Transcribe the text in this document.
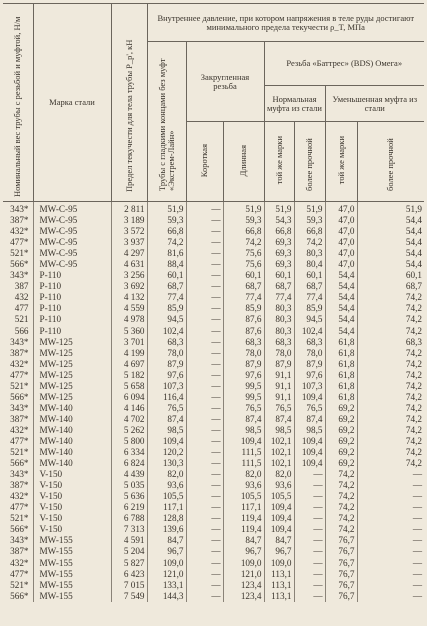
Номинальный вес трубы с резьбой и муфтой, Н/м	Марка стали	Предел текучести для тела трубы P_p', кН	Внутреннее давление, при котором напряжения в теле руды достигают минимального предела текучести ρ_T, МПа						
			Трубы с гладкими концами без муфт «Экстрем-Лайн»	Закругленная резьба		Резьба «Баттрес» (BDS) Омега»			
						Нормальная муфта из стали		Уменьшенная муфта из стали	
				Короткая	Длинная	той же марки	более прочной	той же марки	более прочной
343*	MW-C-95	2 811	51,9	—	51,9	51,9	51,9	47,0	51,9
387*	MW-C-95	3 189	59,3	—	59,3	54,3	59,3	47,0	54,4
432*	MW-C-95	3 572	66,8	—	66,8	66,8	66,8	47,0	54,4
477*	MW-C-95	3 937	74,2	—	74,2	69,3	74,2	47,0	54,4
521*	MW-C-95	4 297	81,6	—	75,6	69,3	80,3	47,0	54,4
566*	MW-C-95	4 631	88,4	—	75,6	69,3	80,4	47,0	54,4
343*	P-110	3 256	60,1	—	60,1	60,1	60,1	54,4	60,1
387	P-110	3 692	68,7	—	68,7	68,7	68,7	54,4	68,7
432	P-110	4 132	77,4	—	77,4	77,4	77,4	54,4	74,2
477	P-110	4 559	85,9	—	85,9	80,3	85,9	54,4	74,2
521	P-110	4 978	94,5	—	87,6	80,3	94,5	54,4	74,2
566	P-110	5 360	102,4	—	87,6	80,3	102,4	54,4	74,2
343*	MW-125	3 701	68,3	—	68,3	68,3	68,3	61,8	68,3
387*	MW-125	4 199	78,0	—	78,0	78,0	78,0	61,8	74,2
432*	MW-125	4 697	87,9	—	87,9	87,9	87,9	61,8	74,2
477*	MW-125	5 182	97,6	—	97,6	91,1	97,6	61,8	74,2
521*	MW-125	5 658	107,3	—	99,5	91,1	107,3	61,8	74,2
566*	MW-125	6 094	116,4	—	99,5	91,1	109,4	61,8	74,2
343*	MW-140	4 146	76,5	—	76,5	76,5	76,5	69,2	74,2
387*	MW-140	4 702	87,4	—	87,4	87,4	87,4	69,2	74,2
432*	MW-140	5 262	98,5	—	98,5	98,5	98,5	69,2	74,2
477*	MW-140	5 800	109,4	—	109,4	102,1	109,4	69,2	74,2
521*	MW-140	6 334	120,2	—	111,5	102,1	109,4	69,2	74,2
566*	MW-140	6 824	130,3	—	111,5	102,1	109,4	69,2	74,2
343*	V-150	4 439	82,0	—	82,0	82,0	—	74,2	—
387*	V-150	5 035	93,6	—	93,6	93,6	—	74,2	—
432*	V-150	5 636	105,5	—	105,5	105,5	—	74,2	—
477*	V-150	6 219	117,1	—	117,1	109,4	—	74,2	—
521*	V-150	6 788	128,8	—	119,4	109,4	—	74,2	—
566*	V-150	7 313	139,6	—	119,4	109,4	—	74,2	—
343*	MW-155	4 591	84,7	—	84,7	84,7	—	76,7	—
387*	MW-155	5 204	96,7	—	96,7	96,7	—	76,7	—
432*	MW-155	5 827	109,0	—	109,0	109,0	—	76,7	—
477*	MW-155	6 423	121,0	—	121,0	113,1	—	76,7	—
521*	MW-155	7 015	133,1	—	123,4	113,1	—	76,7	—
566*	MW-155	7 549	144,3	—	123,4	113,1	—	76,7	—
